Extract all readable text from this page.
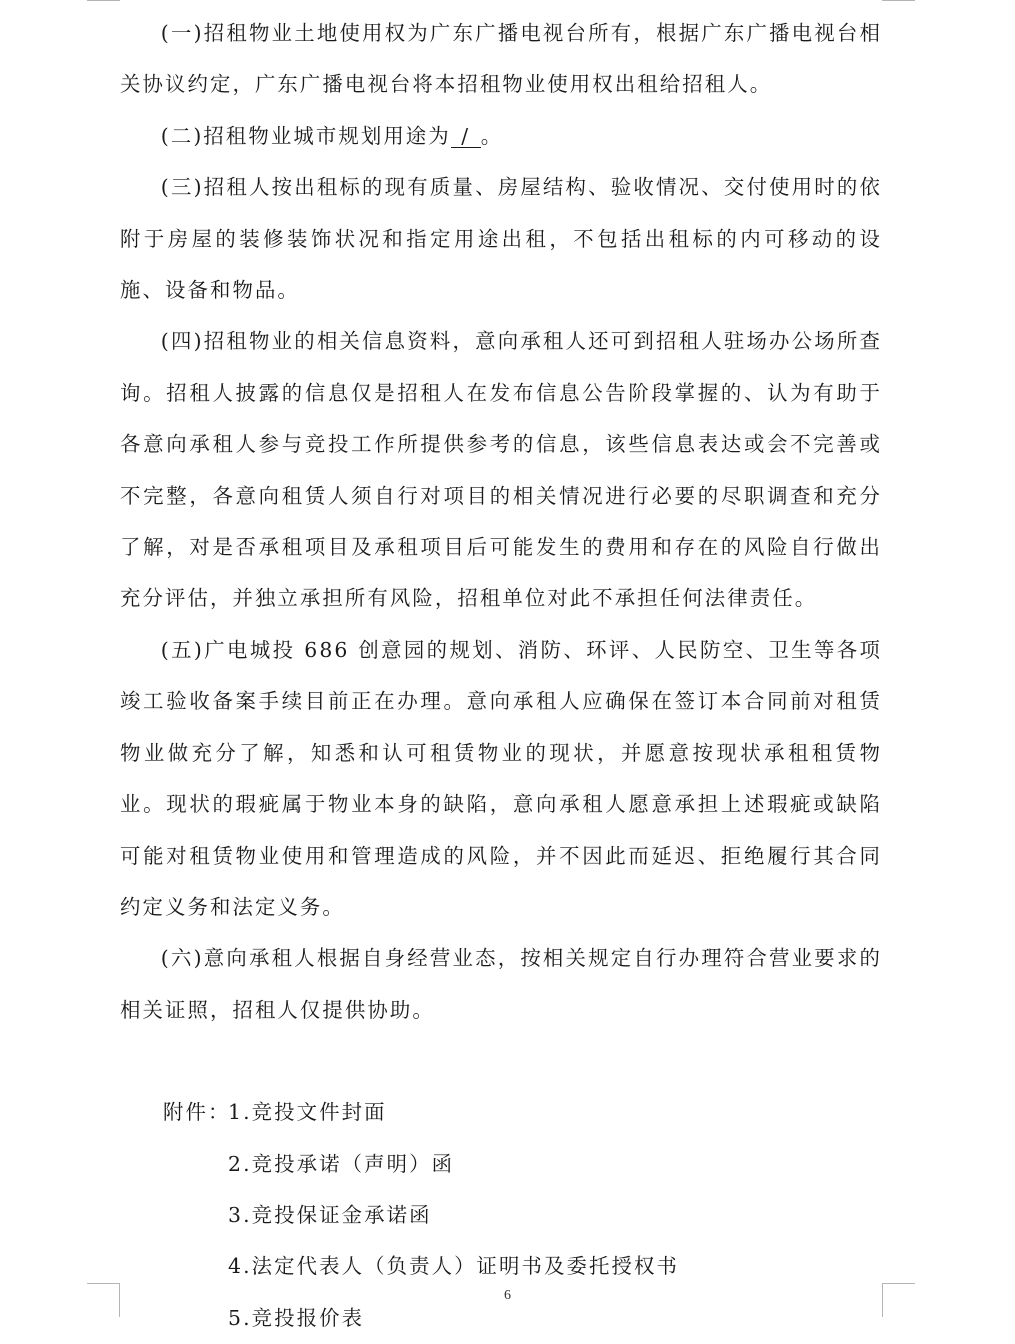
(一)招租物业土地使用权为广东广播电视台所有，根据广东广播电视台相关协议约定，广东广播电视台将本招租物业使用权出租给招租人。

(二)招租物业城市规划用途为 / 。

(三)招租人按出租标的现有质量、房屋结构、验收情况、交付使用时的依附于房屋的装修装饰状况和指定用途出租，不包括出租标的内可移动的设施、设备和物品。

(四)招租物业的相关信息资料，意向承租人还可到招租人驻场办公场所查询。招租人披露的信息仅是招租人在发布信息公告阶段掌握的、认为有助于各意向承租人参与竞投工作所提供参考的信息，该些信息表达或会不完善或不完整，各意向租赁人须自行对项目的相关情况进行必要的尽职调查和充分了解，对是否承租项目及承租项目后可能发生的费用和存在的风险自行做出充分评估，并独立承担所有风险，招租单位对此不承担任何法律责任。

(五)广电城投 686 创意园的规划、消防、环评、人民防空、卫生等各项竣工验收备案手续目前正在办理。意向承租人应确保在签订本合同前对租赁物业做充分了解，知悉和认可租赁物业的现状，并愿意按现状承租租赁物业。现状的瑕疵属于物业本身的缺陷，意向承租人愿意承担上述瑕疵或缺陷可能对租赁物业使用和管理造成的风险，并不因此而延迟、拒绝履行其合同约定义务和法定义务。

(六)意向承租人根据自身经营业态，按相关规定自行办理符合营业要求的相关证照，招租人仅提供协助。

附件：
1.竞投文件封面
2.竞投承诺（声明）函
3.竞投保证金承诺函
4.法定代表人（负责人）证明书及委托授权书
5.竞投报价表
6
